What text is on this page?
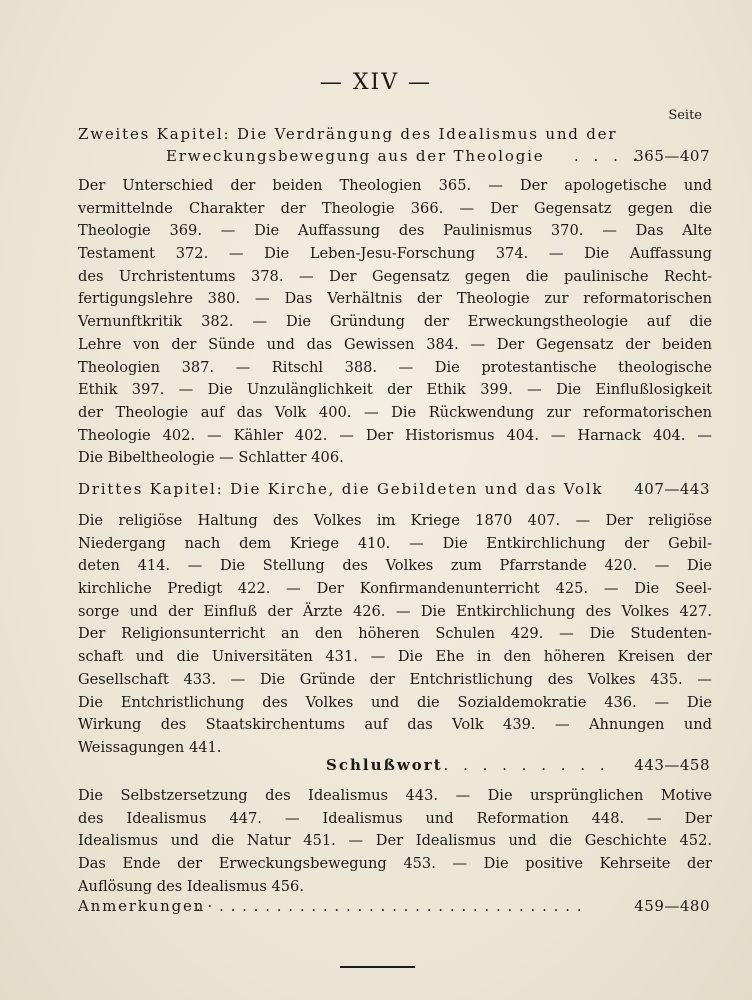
— XIV —
Seite
Zweites Kapitel: Die Verdrängung des Idealismus und der
Erweckungsbewegung aus der Theologie . . . .
365—407
Der Unterschied der beiden Theologien 365. — Der apologetische und
vermittelnde Charakter der Theologie 366. — Der Gegensatz gegen die
Theologie 369. — Die Auffassung des Paulinismus 370. — Das Alte
Testament 372. — Die Leben-Jesu-Forschung 374. — Die Auffassung
des Urchristentums 378. — Der Gegensatz gegen die paulinische Recht-
fertigungslehre 380. — Das Verhältnis der Theologie zur reformatorischen
Vernunftkritik 382. — Die Gründung der Erweckungstheologie auf die
Lehre von der Sünde und das Gewissen 384. — Der Gegensatz der beiden
Theologien 387. — Ritschl 388. — Die protestantische theologische
Ethik 397. — Die Unzulänglichkeit der Ethik 399. — Die Einflußlosigkeit
der Theologie auf das Volk 400. — Die Rückwendung zur reformatorischen
Theologie 402. — Kähler 402. — Der Historismus 404. — Harnack 404. —
Die Bibeltheologie — Schlatter 406.
Drittes Kapitel: Die Kirche, die Gebildeten und das Volk 407—443
Die religiöse Haltung des Volkes im Kriege 1870 407. — Der religiöse
Niedergang nach dem Kriege 410. — Die Entkirchlichung der Gebil-
deten 414. — Die Stellung des Volkes zum Pfarrstande 420. — Die
kirchliche Predigt 422. — Der Konfirmandenunterricht 425. — Die Seel-
sorge und der Einfluß der Ärzte 426. — Die Entkirchlichung des Volkes 427.
Der Religionsunterricht an den höheren Schulen 429. — Die Studenten-
schaft und die Universitäten 431. — Die Ehe in den höheren Kreisen der
Gesellschaft 433. — Die Gründe der Entchristlichung des Volkes 435. —
Die Entchristlichung des Volkes und die Sozialdemokratie 436. — Die
Wirkung des Staatskirchentums auf das Volk 439. — Ahnungen und
Weissagungen 441.
Schlußwort
. . . . . . . . . . 443—458
Die Selbstzersetzung des Idealismus 443. — Die ursprünglichen Motive
des Idealismus 447. — Idealismus und Reformation 448. — Der
Idealismus und die Natur 451. — Der Idealismus und die Geschichte 452.
Das Ende der Erweckungsbewegung 453. — Die positive Kehrseite der
Auflösung des Idealismus 456.
Anmerkungen
. · . . . . . . . . . . . . . . . . . . . . . . . . . . . . . . . .	459—480
